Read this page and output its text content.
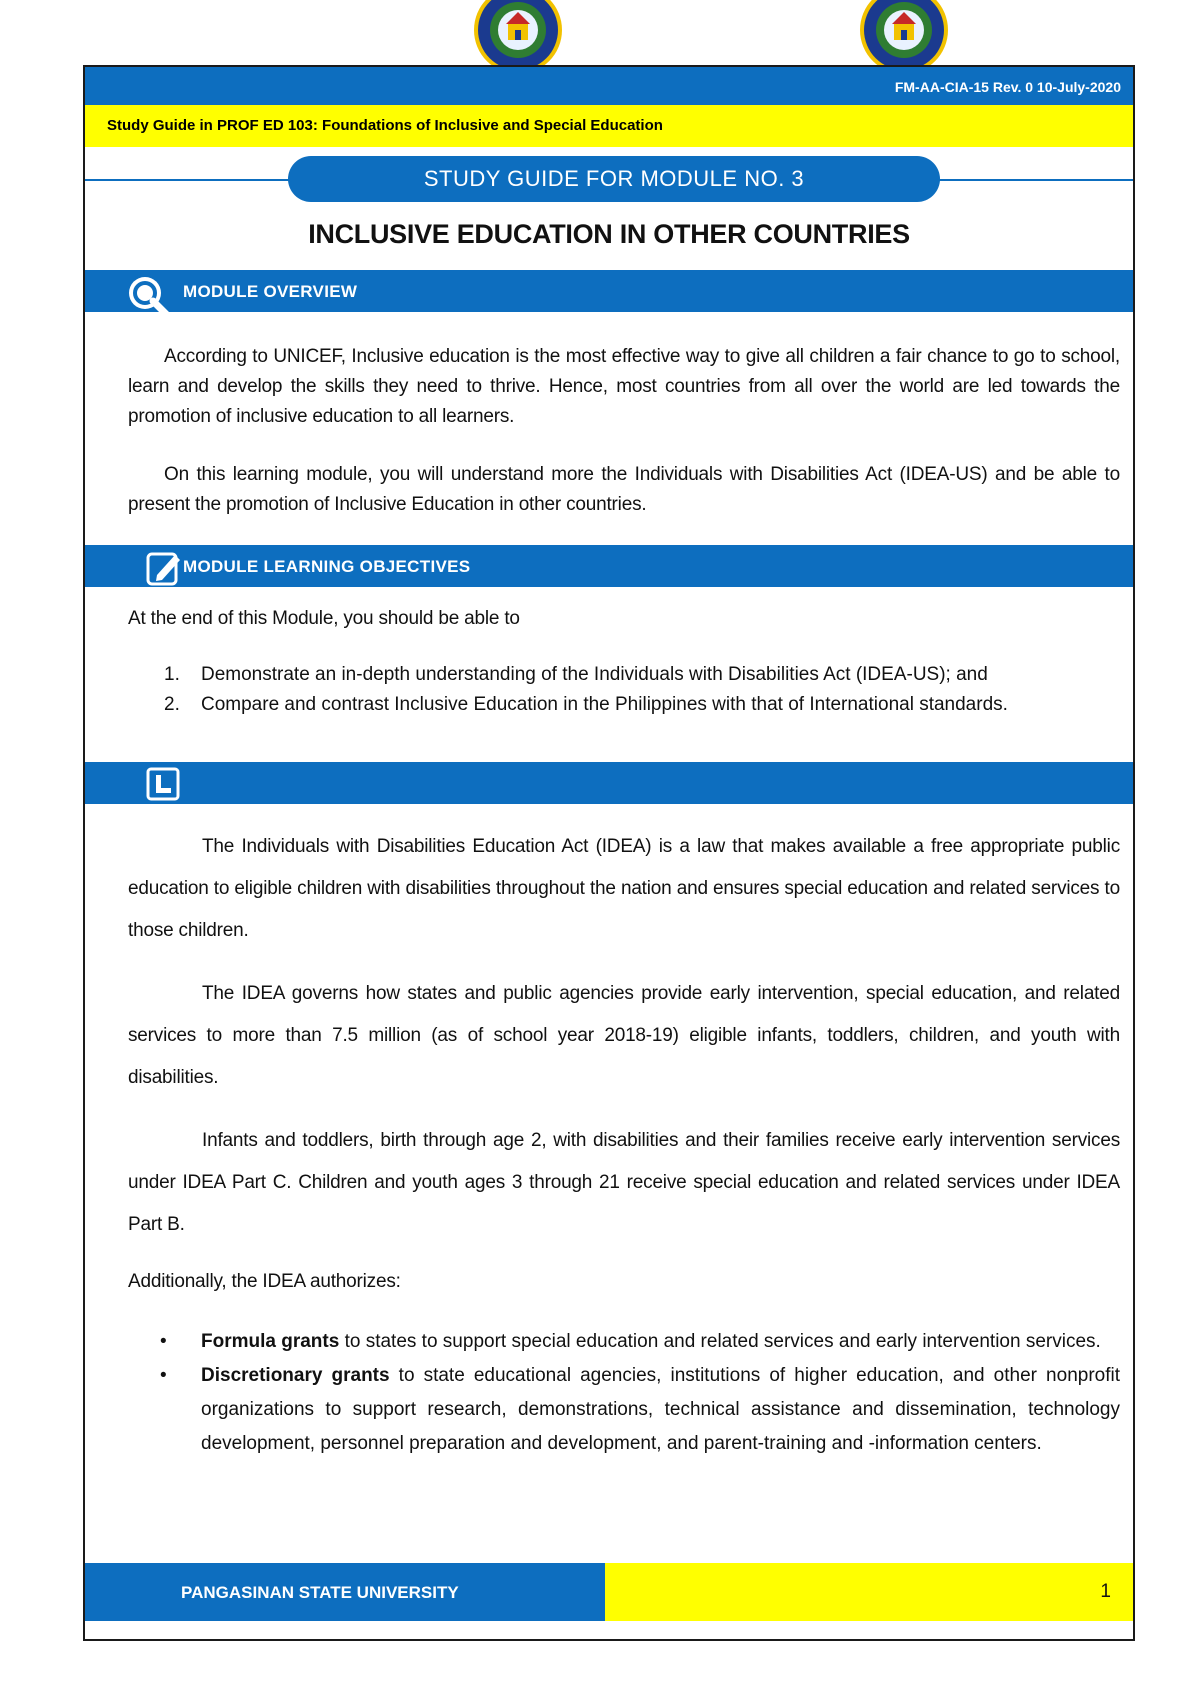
FM-AA-CIA-15 Rev. 0 10-July-2020
Study Guide in PROF ED 103: Foundations of Inclusive and Special Education
STUDY GUIDE FOR MODULE NO. 3
INCLUSIVE EDUCATION IN OTHER COUNTRIES
MODULE OVERVIEW

According to UNICEF, Inclusive education is the most effective way to give all children a fair chance to go to school, learn and develop the skills they need to thrive. Hence, most countries from all over the world are led towards the promotion of inclusive education to all learners.

On this learning module, you will understand more the Individuals with Disabilities Act (IDEA-US) and be able to present the promotion of Inclusive Education in other countries.

MODULE LEARNING OBJECTIVES

At the end of this Module, you should be able to

1. Demonstrate an in-depth understanding of the Individuals with Disabilities Act (IDEA-US); and
2. Compare and contrast Inclusive Education in the Philippines with that of International standards.

The Individuals with Disabilities Education Act (IDEA) is a law that makes available a free appropriate public education to eligible children with disabilities throughout the nation and ensures special education and related services to those children.

The IDEA governs how states and public agencies provide early intervention, special education, and related services to more than 7.5 million (as of school year 2018-19) eligible infants, toddlers, children, and youth with disabilities.

Infants and toddlers, birth through age 2, with disabilities and their families receive early intervention services under IDEA Part C. Children and youth ages 3 through 21 receive special education and related services under IDEA Part B.

Additionally, the IDEA authorizes:

• Formula grants to states to support special education and related services and early intervention services.
• Discretionary grants to state educational agencies, institutions of higher education, and other nonprofit organizations to support research, demonstrations, technical assistance and dissemination, technology development, personnel preparation and development, and parent-training and -information centers.
PANGASINAN STATE UNIVERSITY	1
